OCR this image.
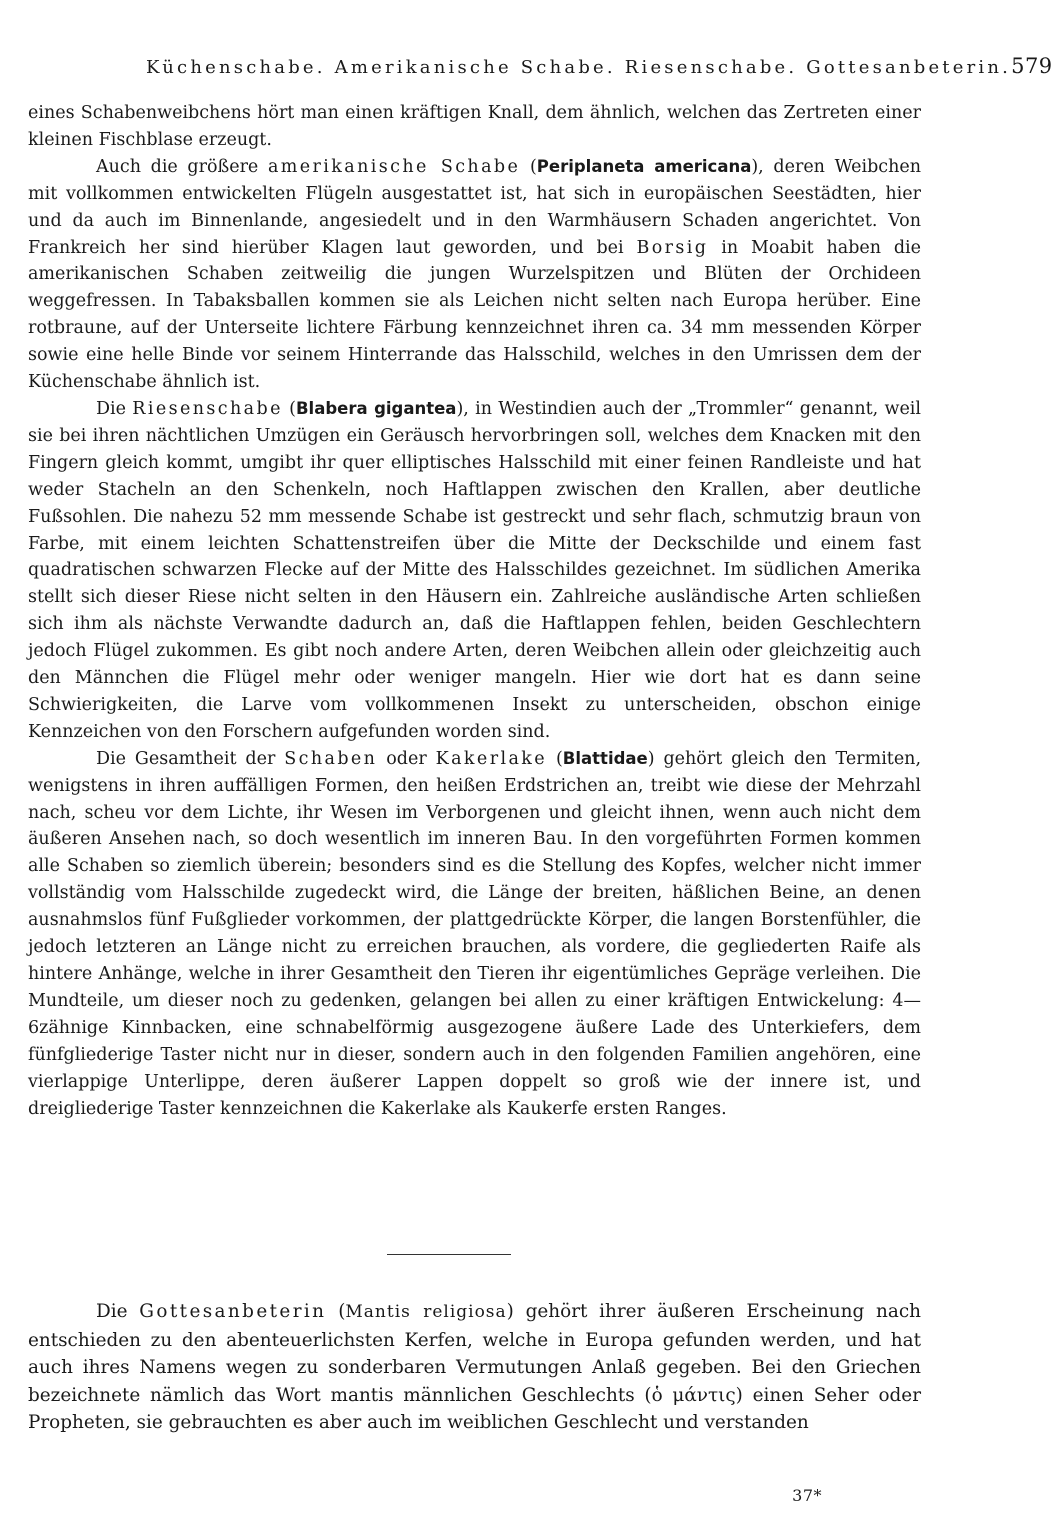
Küchenschabe. Amerikanische Schabe. Riesenschabe. Gottesanbeterin. 579

eines Schabenweibchens hört man einen kräftigen Knall, dem ähnlich, welchen das Zertreten einer kleinen Fischblase erzeugt.

Auch die größere amerikanische Schabe (Periplaneta americana), deren Weibchen mit vollkommen entwickelten Flügeln ausgestattet ist, hat sich in europäischen Seestädten, hier und da auch im Binnenlande, angesiedelt und in den Warmhäusern Schaden angerichtet. Von Frankreich her sind hierüber Klagen laut geworden, und bei Borsig in Moabit haben die amerikanischen Schaben zeitweilig die jungen Wurzelspitzen und Blüten der Orchideen weggefressen. In Tabaksballen kommen sie als Leichen nicht selten nach Europa herüber. Eine rotbraune, auf der Unterseite lichtere Färbung kennzeichnet ihren ca. 34 mm messenden Körper sowie eine helle Binde vor seinem Hinterrande das Halsschild, welches in den Umrissen dem der Küchenschabe ähnlich ist.

Die Riesenschabe (Blabera gigantea), in Westindien auch der „Trommler“ genannt, weil sie bei ihren nächtlichen Umzügen ein Geräusch hervorbringen soll, welches dem Knacken mit den Fingern gleich kommt, umgibt ihr quer elliptisches Halsschild mit einer feinen Randleiste und hat weder Stacheln an den Schenkeln, noch Haftlappen zwischen den Krallen, aber deutliche Fußsohlen. Die nahezu 52 mm messende Schabe ist gestreckt und sehr flach, schmutzig braun von Farbe, mit einem leichten Schattenstreifen über die Mitte der Deckschilde und einem fast quadratischen schwarzen Flecke auf der Mitte des Halsschildes gezeichnet. Im südlichen Amerika stellt sich dieser Riese nicht selten in den Häusern ein. Zahlreiche ausländische Arten schließen sich ihm als nächste Verwandte dadurch an, daß die Haftlappen fehlen, beiden Geschlechtern jedoch Flügel zukommen. Es gibt noch andere Arten, deren Weibchen allein oder gleichzeitig auch den Männchen die Flügel mehr oder weniger mangeln. Hier wie dort hat es dann seine Schwierigkeiten, die Larve vom vollkommenen Insekt zu unterscheiden, obschon einige Kennzeichen von den Forschern aufgefunden worden sind.

Die Gesamtheit der Schaben oder Kakerlake (Blattidae) gehört gleich den Termiten, wenigstens in ihren auffälligen Formen, den heißen Erdstrichen an, treibt wie diese der Mehrzahl nach, scheu vor dem Lichte, ihr Wesen im Verborgenen und gleicht ihnen, wenn auch nicht dem äußeren Ansehen nach, so doch wesentlich im inneren Bau. In den vorgeführten Formen kommen alle Schaben so ziemlich überein; besonders sind es die Stellung des Kopfes, welcher nicht immer vollständig vom Halsschilde zugedeckt wird, die Länge der breiten, häßlichen Beine, an denen ausnahmslos fünf Fußglieder vorkommen, der plattgedrückte Körper, die langen Borstenfühler, die jedoch letzteren an Länge nicht zu erreichen brauchen, als vordere, die gegliederten Raife als hintere Anhänge, welche in ihrer Gesamtheit den Tieren ihr eigentümliches Gepräge verleihen. Die Mundteile, um dieser noch zu gedenken, gelangen bei allen zu einer kräftigen Entwickelung: 4—6zähnige Kinnbacken, eine schnabelförmig ausgezogene äußere Lade des Unterkiefers, dem fünfgliederige Taster nicht nur in dieser, sondern auch in den folgenden Familien angehören, eine vierlappige Unterlippe, deren äußerer Lappen doppelt so groß wie der innere ist, und dreigliederige Taster kennzeichnen die Kakerlake als Kaukerfe ersten Ranges.

Die Gottesanbeterin (Mantis religiosa) gehört ihrer äußeren Erscheinung nach entschieden zu den abenteuerlichsten Kerfen, welche in Europa gefunden werden, und hat auch ihres Namens wegen zu sonderbaren Vermutungen Anlaß gegeben. Bei den Griechen bezeichnete nämlich das Wort mantis männlichen Geschlechts (ὁ μάντις) einen Seher oder Propheten, sie gebrauchten es aber auch im weiblichen Geschlecht und verstanden

37*
